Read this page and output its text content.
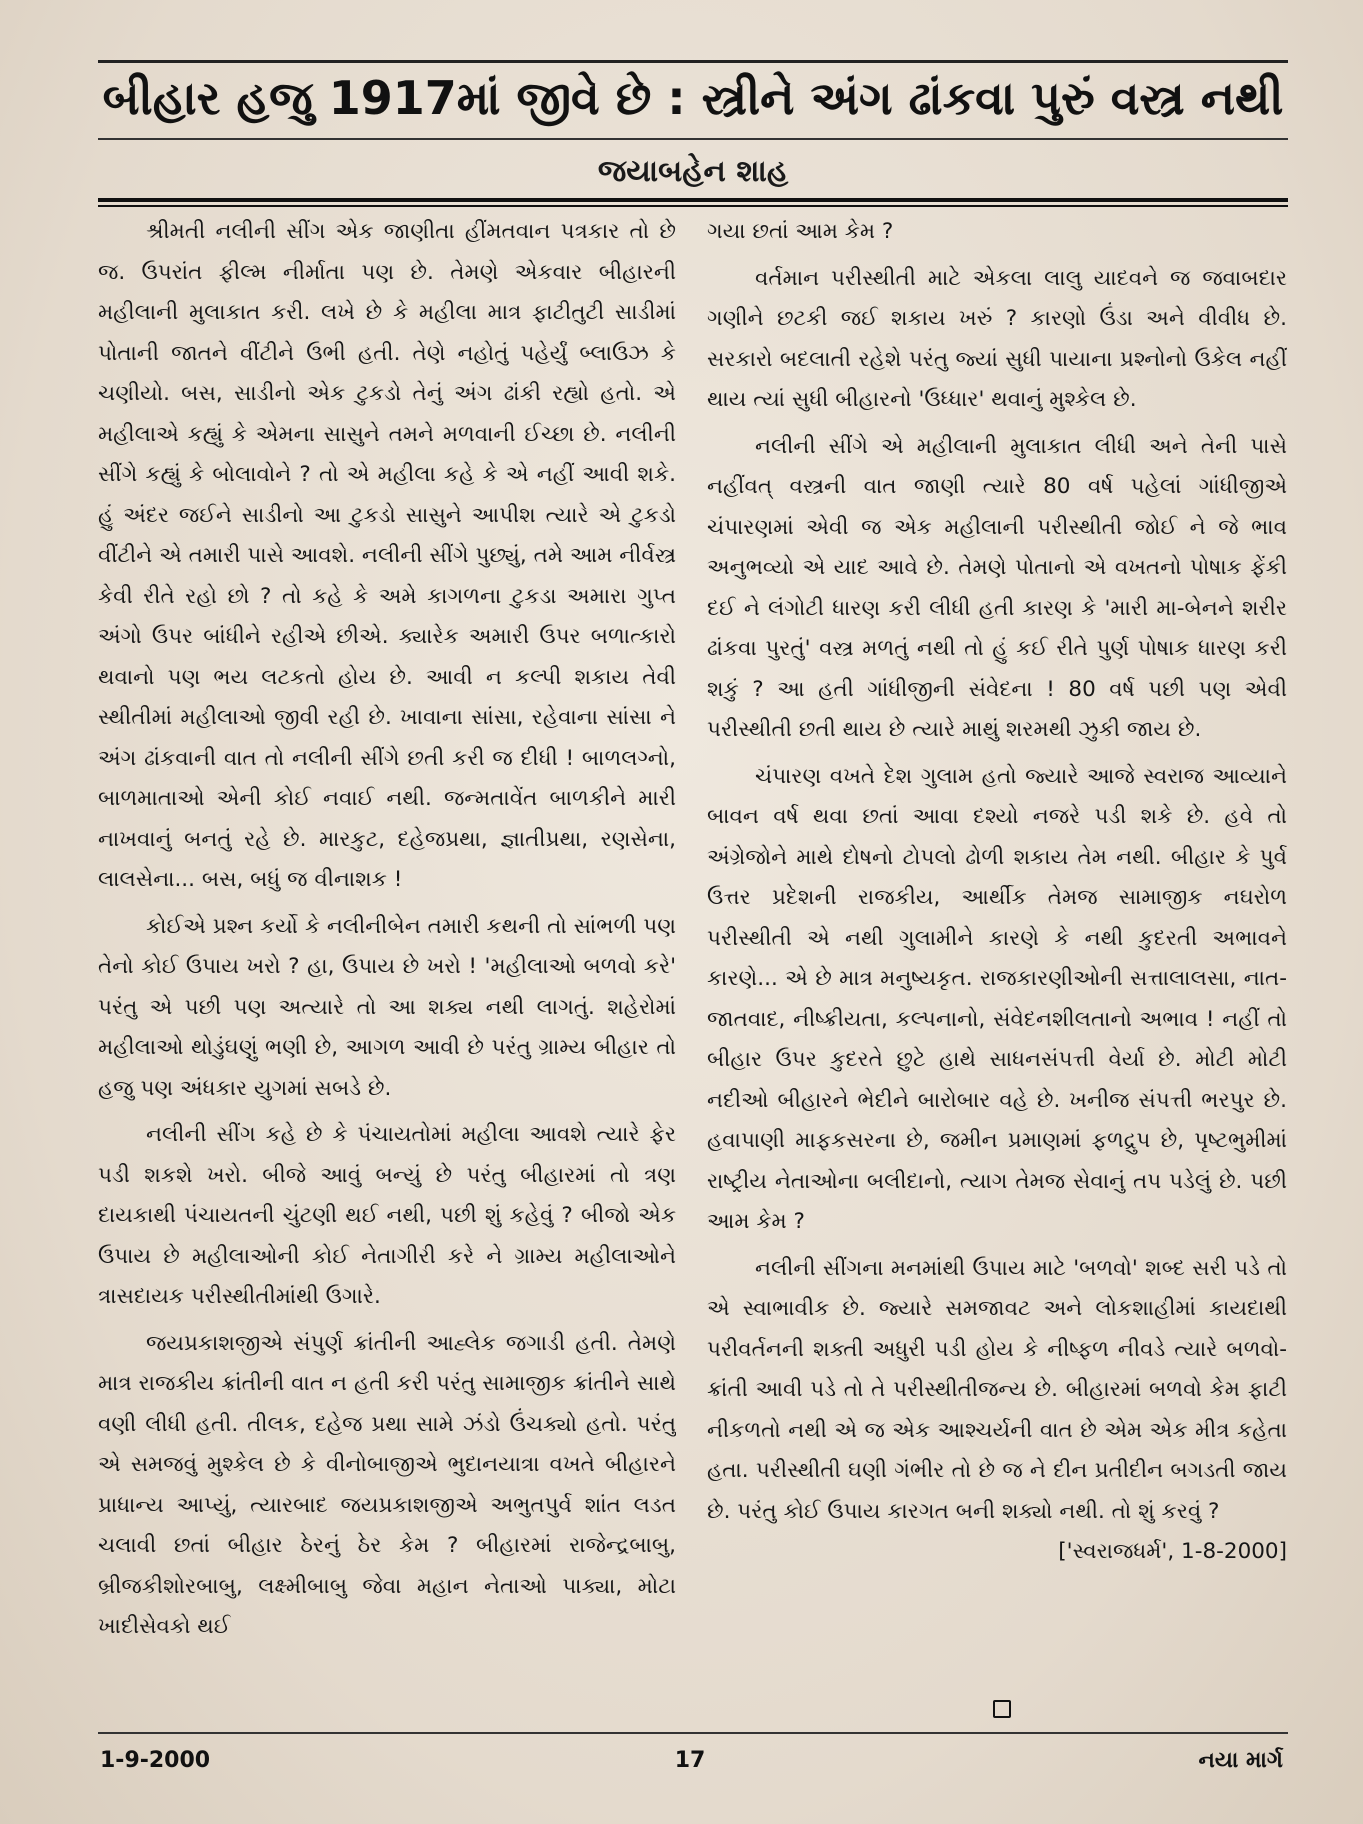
બીહાર હજુ 1917માં જીવે છે : સ્ત્રીને અંગ ઢાંકવા પુરું વસ્ત્ર નથી
જયાબહેન શાહ

શ્રીમતી નલીની સીંગ એક જાણીતા હીંમતવાન પત્રકાર તો છે જ. ઉપરાંત ફીલ્મ નીર્માતા પણ છે. તેમણે એકવાર બીહારની મહીલાની મુલાકાત કરી. લખે છે કે મહીલા માત્ર ફાટીતુટી સાડીમાં પોતાની જાતને વીંટીને ઉભી હતી. તેણે નહોતું પહેર્યું બ્લાઉઝ કે ચણીયો. બસ, સાડીનો એક ટુકડો તેનું અંગ ઢાંકી રહ્યો હતો. એ મહીલાએ કહ્યું કે એમના સાસુને તમને મળવાની ઈચ્છા છે. નલીની સીંગે કહ્યું કે બોલાવોને ? તો એ મહીલા કહે કે એ નહીં આવી શકે. હું અંદર જઈને સાડીનો આ ટુકડો સાસુને આપીશ ત્યારે એ ટુકડો વીંટીને એ તમારી પાસે આવશે. નલીની સીંગે પુછ્યું, તમે આમ નીર્વસ્ત્ર કેવી રીતે રહો છો ? તો કહે કે અમે કાગળના ટુકડા અમારા ગુપ્ત અંગો ઉપર બાંધીને રહીએ છીએ. ક્યારેક અમારી ઉપર બળાત્કારો થવાનો પણ ભય લટકતો હોય છે. આવી ન કલ્પી શકાય તેવી સ્થીતીમાં મહીલાઓ જીવી રહી છે. ખાવાના સાંસા, રહેવાના સાંસા ને અંગ ઢાંકવાની વાત તો નલીની સીંગે છતી કરી જ દીધી ! બાળલગ્નો, બાળમાતાઓ એની કોઈ નવાઈ નથી. જન્મતાવેંત બાળકીને મારી નાખવાનું બનતું રહે છે. મારકુટ, દહેજપ્રથા, જ્ઞાતીપ્રથા, રણસેના, લાલસેના... બસ, બધું જ વીનાશક !

કોઈએ પ્રશ્ન કર્યો કે નલીનીબેન તમારી કથની તો સાંભળી પણ તેનો કોઈ ઉપાય ખરો ? હા, ઉપાય છે ખરો ! 'મહીલાઓ બળવો કરે' પરંતુ એ પછી પણ અત્યારે તો આ શક્ય નથી લાગતું. શહેરોમાં મહીલાઓ થોડુંઘણું ભણી છે, આગળ આવી છે પરંતુ ગ્રામ્ય બીહાર તો હજુ પણ અંધકાર યુગમાં સબડે છે.

નલીની સીંગ કહે છે કે પંચાયતોમાં મહીલા આવશે ત્યારે ફેર પડી શકશે ખરો. બીજે આવું બન્યું છે પરંતુ બીહારમાં તો ત્રણ દાયકાથી પંચાયતની ચુંટણી થઈ નથી, પછી શું કહેવું ? બીજો એક ઉપાય છે મહીલાઓની કોઈ નેતાગીરી કરે ને ગ્રામ્ય મહીલાઓને ત્રાસદાયક પરીસ્થીતીમાંથી ઉગારે.

જયપ્રકાશજીએ સંપુર્ણ ક્રાંતીની આહ્લેક જગાડી હતી. તેમણે માત્ર રાજકીય ક્રાંતીની વાત ન હતી કરી પરંતુ સામાજીક ક્રાંતીને સાથે વણી લીધી હતી. તીલક, દહેજ પ્રથા સામે ઝંડો ઉંચક્યો હતો. પરંતુ એ સમજવું મુશ્કેલ છે કે વીનોબાજીએ ભુદાનયાત્રા વખતે બીહારને પ્રાધાન્ય આપ્યું, ત્યારબાદ જયપ્રકાશજીએ અભુતપુર્વ શાંત લડત ચલાવી છતાં બીહાર ઠેરનું ઠેર કેમ ? બીહારમાં રાજેન્દ્રબાબુ, બ્રીજકીશોરબાબુ, લક્ષ્મીબાબુ જેવા મહાન નેતાઓ પાક્યા, મોટા ખાદીસેવકો થઈ

ગયા છતાં આમ કેમ ?

વર્તમાન પરીસ્થીતી માટે એકલા લાલુ યાદવને જ જવાબદાર ગણીને છટકી જઈ શકાય ખરું ? કારણો ઉંડા અને વીવીધ છે. સરકારો બદલાતી રહેશે પરંતુ જ્યાં સુધી પાયાના પ્રશ્નોનો ઉકેલ નહીં થાય ત્યાં સુધી બીહારનો 'ઉધ્ધાર' થવાનું મુશ્કેલ છે.

નલીની સીંગે એ મહીલાની મુલાકાત લીધી અને તેની પાસે નહીંવત્ વસ્ત્રની વાત જાણી ત્યારે 80 વર્ષ પહેલાં ગાંધીજીએ ચંપારણમાં એવી જ એક મહીલાની પરીસ્થીતી જોઈ ને જે ભાવ અનુભવ્યો એ યાદ આવે છે. તેમણે પોતાનો એ વખતનો પોષાક ફેંકી દઈ ને લંગોટી ધારણ કરી લીધી હતી કારણ કે 'મારી મા-બેનને શરીર ઢાંકવા પુરતું' વસ્ત્ર મળતું નથી તો હું કઈ રીતે પુર્ણ પોષાક ધારણ કરી શકું ? આ હતી ગાંધીજીની સંવેદના ! 80 વર્ષ પછી પણ એવી પરીસ્થીતી છતી થાય છે ત્યારે માથું શરમથી ઝુકી જાય છે.

ચંપારણ વખતે દેશ ગુલામ હતો જ્યારે આજે સ્વરાજ આવ્યાને બાવન વર્ષ થવા છતાં આવા દશ્યો નજરે પડી શકે છે. હવે તો અંગ્રેજોને માથે દોષનો ટોપલો ઢોળી શકાય તેમ નથી. બીહાર કે પુર્વ ઉત્તર પ્રદેશની રાજકીય, આર્થીક તેમજ સામાજીક નઘરોળ પરીસ્થીતી એ નથી ગુલામીને કારણે કે નથી કુદરતી અભાવને કારણે... એ છે માત્ર મનુષ્યકૃત. રાજકારણીઓની સત્તાલાલસા, નાત-જાતવાદ, નીષ્ક્રીયતા, કલ્પનાનો, સંવેદનશીલતાનો અભાવ ! નહીં તો બીહાર ઉપર કુદરતે છુટે હાથે સાધનસંપત્તી વેર્યા છે. મોટી મોટી નદીઓ બીહારને ભેદીને બારોબાર વહે છે. ખનીજ સંપત્તી ભરપુર છે. હવાપાણી માફકસરના છે, જમીન પ્રમાણમાં ફળદ્રુપ છે, પૃષ્ટભુમીમાં રાષ્ટ્રીય નેતાઓના બલીદાનો, ત્યાગ તેમજ સેવાનું તપ પડેલું છે. પછી આમ કેમ ?

નલીની સીંગના મનમાંથી ઉપાય માટે 'બળવો' શબ્દ સરી પડે તો એ સ્વાભાવીક છે. જ્યારે સમજાવટ અને લોકશાહીમાં કાયદાથી પરીવર્તનની શક્તી અધુરી પડી હોય કે નીષ્ફળ નીવડે ત્યારે બળવો-ક્રાંતી આવી પડે તો તે પરીસ્થીતીજન્ય છે. બીહારમાં બળવો કેમ ફાટી નીકળતો નથી એ જ એક આશ્ચર્યની વાત છે એમ એક મીત્ર કહેતા હતા. પરીસ્થીતી ઘણી ગંભીર તો છે જ ને દીન પ્રતીદીન બગડતી જાય છે. પરંતુ કોઈ ઉપાય કારગત બની શક્યો નથી. તો શું કરવું ?

['સ્વરાજધર્મ', 1-8-2000]
1-9-2000	17	નયા માર્ગ
